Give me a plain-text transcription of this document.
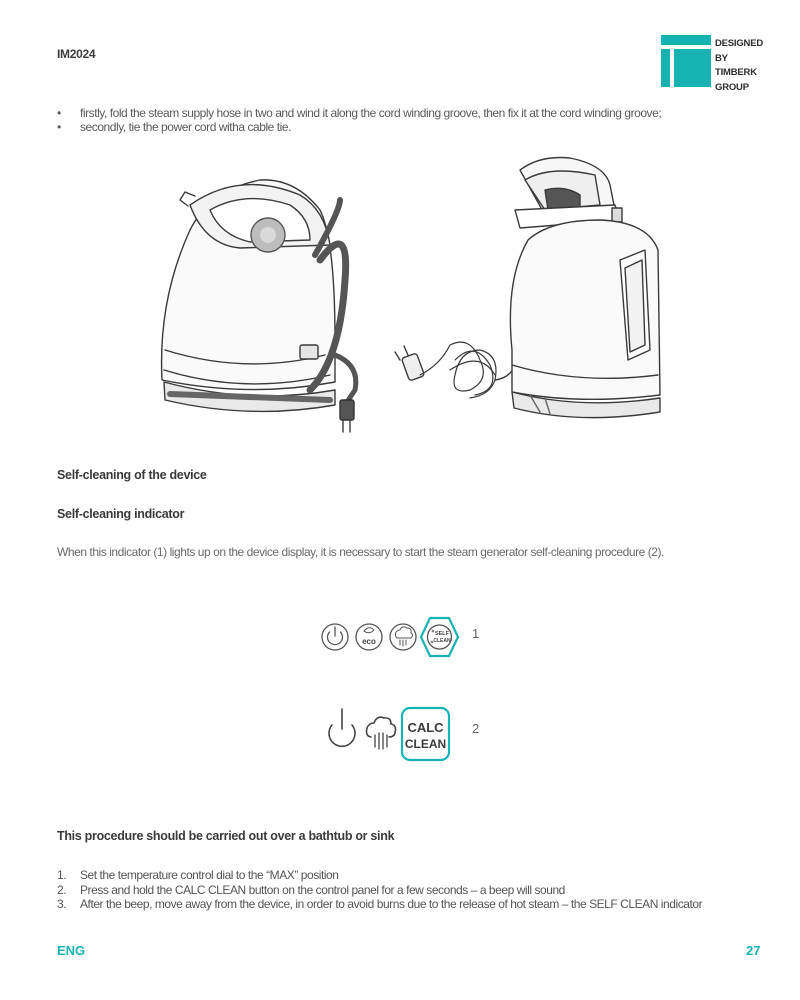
IM2024
DESIGNED
BY TIMBERK
GROUP
• firstly, fold the steam supply hose in two and wind it along the cord winding groove, then fix it at the cord winding groove;
• secondly, tie the power cord witha cable tie.
Self-cleaning of the device
Self-cleaning indicator
When this indicator (1) lights up on the device display, it is necessary to start the steam generator self-cleaning procedure (2).
eco
SELF
CLEAN 1
CALC
CLEAN
2
This procedure should be carried out over a bathtub or sink
1. Set the temperature control dial to the “MAX” position
2. Press and hold the CALC CLEAN button on the control panel for a few seconds – a beep will sound
3. After the beep, move away from the device, in order to avoid burns due to the release of hot steam – the SELF CLEAN indicator
ENG	27
